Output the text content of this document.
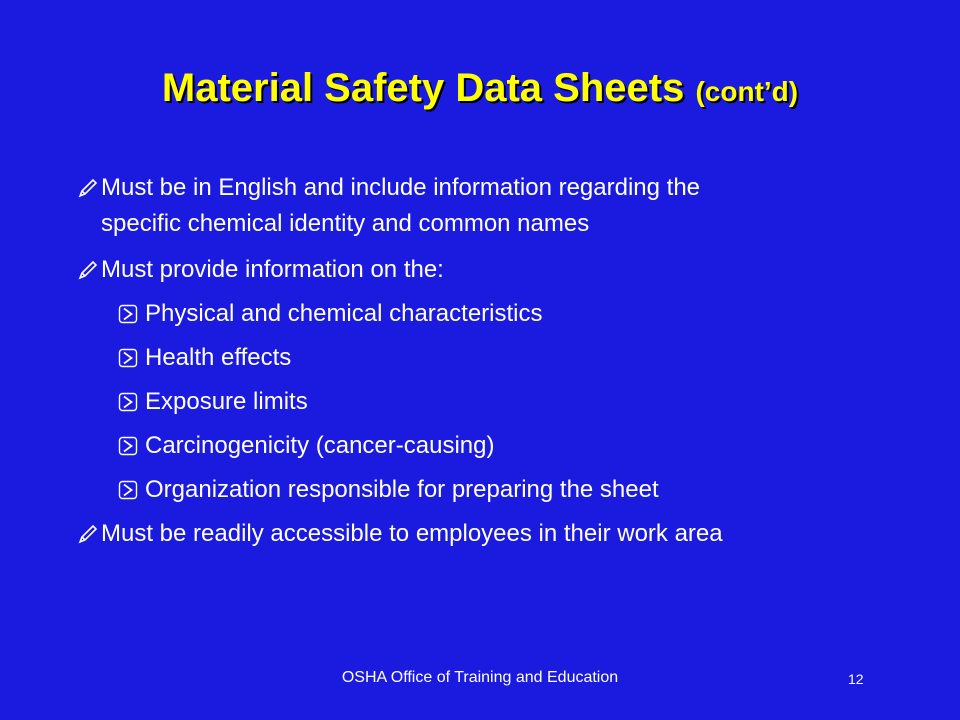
Material Safety Data Sheets (cont’d)
Must be in English and include information regarding the
specific chemical identity and common names
Must provide information on the:
Physical and chemical characteristics
Health effects
Exposure limits
Carcinogenicity (cancer-causing)
Organization responsible for preparing the sheet
Must be readily accessible to employees in their work area
OSHA Office of Training and Education	12
